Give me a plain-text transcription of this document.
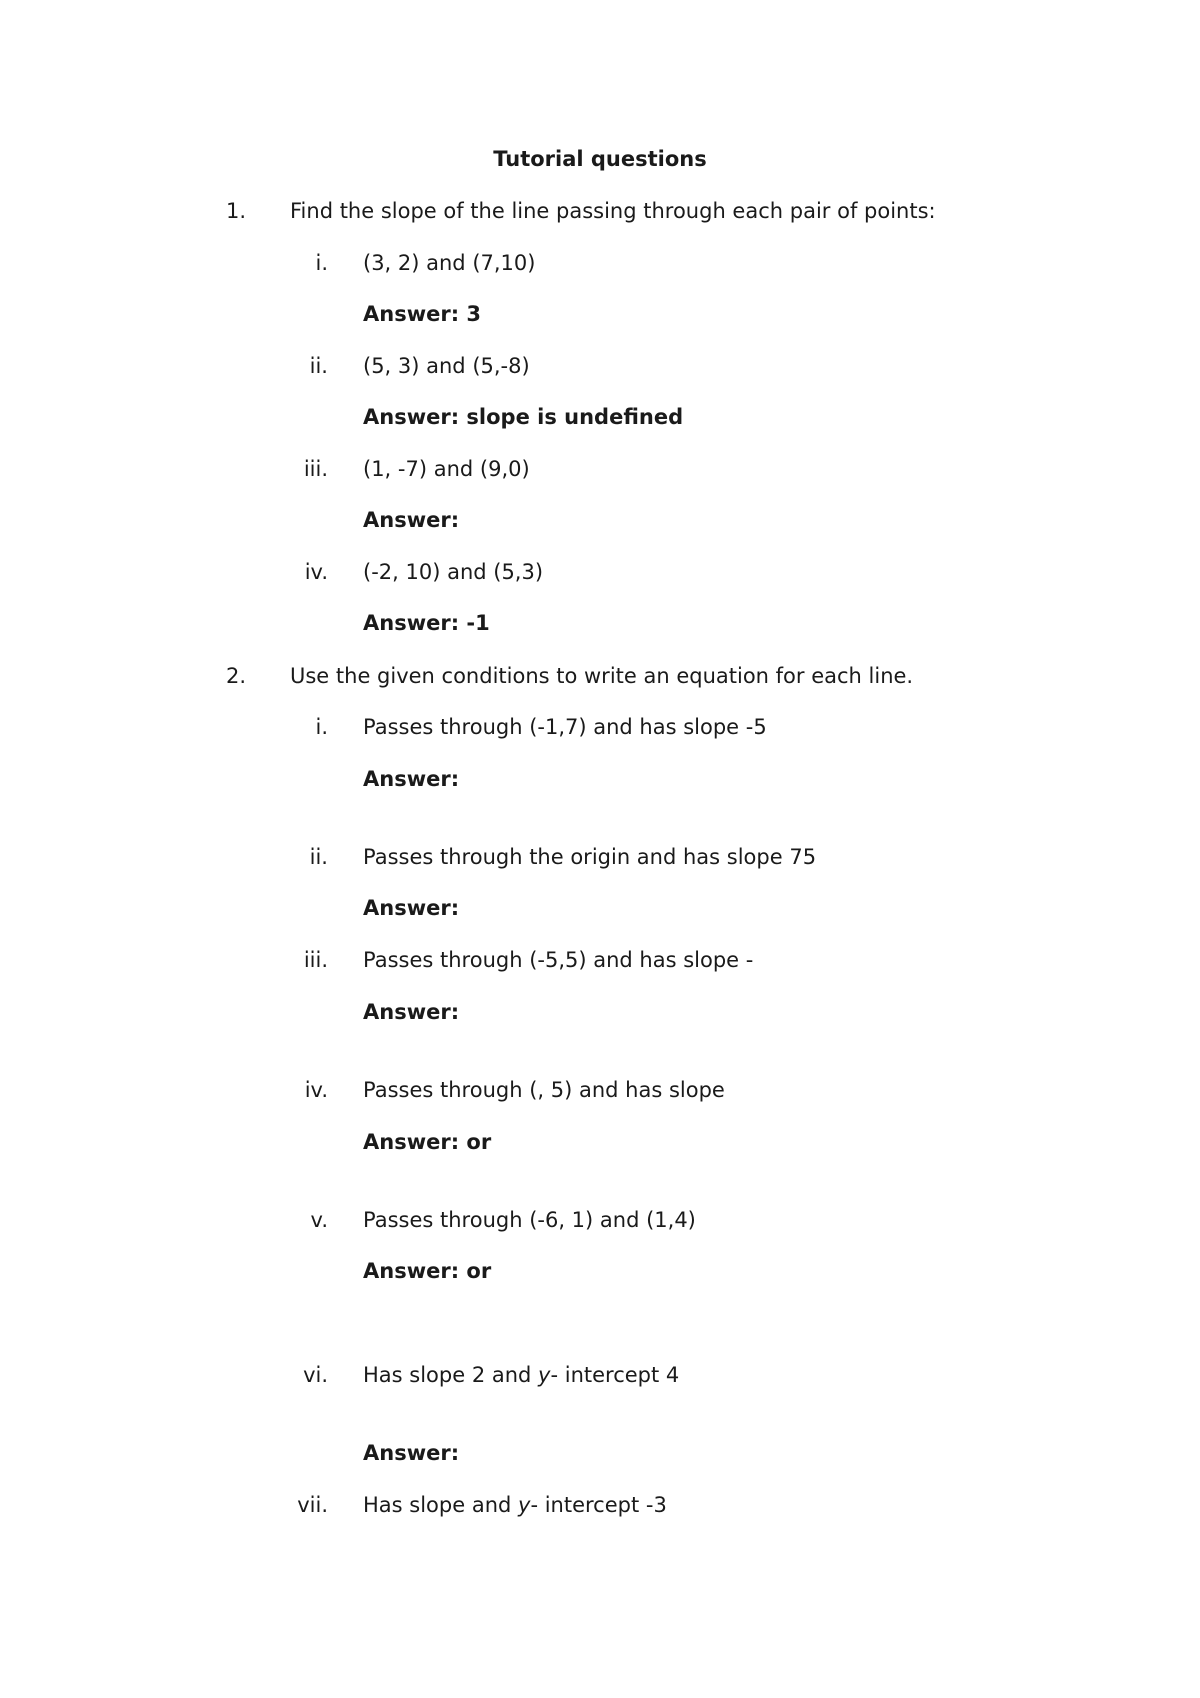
Tutorial questions
1. Find the slope of the line passing through each pair of points:
i. (3, 2) and (7,10)
Answer: 3
ii. (5, 3) and (5,-8)
Answer: slope is undefined
iii. (1, -7) and (9,0)
Answer:
iv. (-2, 10) and (5,3)
Answer: -1
2. Use the given conditions to write an equation for each line.
i. Passes through (-1,7) and has slope -5
Answer:
ii. Passes through the origin and has slope 75
Answer:
iii. Passes through (-5,5) and has slope -
Answer:
iv. Passes through (, 5) and has slope
Answer: or
v. Passes through (-6, 1) and (1,4)
Answer: or
vi. Has slope 2 and y- intercept 4
Answer:
vii. Has slope and y- intercept -3
